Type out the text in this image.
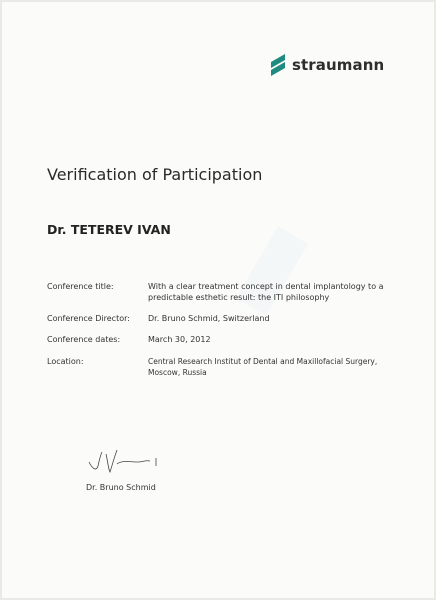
straumann
Verification of Participation
Dr. TETEREV IVAN
Conference title:	With a clear treatment concept in dental implantology to a predictable esthetic result: the ITI philosophy
Conference Director: Dr. Bruno Schmid, Switzerland
Conference dates:	March 30, 2012
Location:	Central Research Institut of Dental and Maxillofacial Surgery, Moscow, Russia
Dr. Bruno Schmid
